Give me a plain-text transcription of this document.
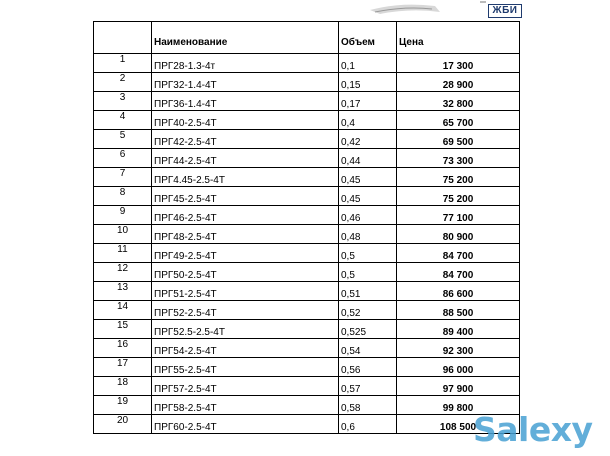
ЖБИ
	Наименование	Объем	Цена
1	ПРГ28-1.3-4т	0,1	17 300
2	ПРГ32-1.4-4Т	0,15	28 900
3	ПРГ36-1.4-4Т	0,17	32 800
4	ПРГ40-2.5-4Т	0,4	65 700
5	ПРГ42-2.5-4Т	0,42	69 500
6	ПРГ44-2.5-4Т	0,44	73 300
7	ПРГ4.45-2.5-4Т	0,45	75 200
8	ПРГ45-2.5-4Т	0,45	75 200
9	ПРГ46-2.5-4Т	0,46	77 100
10	ПРГ48-2.5-4Т	0,48	80 900
11	ПРГ49-2.5-4Т	0,5	84 700
12	ПРГ50-2.5-4Т	0,5	84 700
13	ПРГ51-2.5-4Т	0,51	86 600
14	ПРГ52-2.5-4Т	0,52	88 500
15	ПРГ52.5-2.5-4Т	0,525	89 400
16	ПРГ54-2.5-4Т	0,54	92 300
17	ПРГ55-2.5-4Т	0,56	96 000
18	ПРГ57-2.5-4Т	0,57	97 900
19	ПРГ58-2.5-4Т	0,58	99 800
20	ПРГ60-2.5-4Т	0,6	108 500
Salexy
